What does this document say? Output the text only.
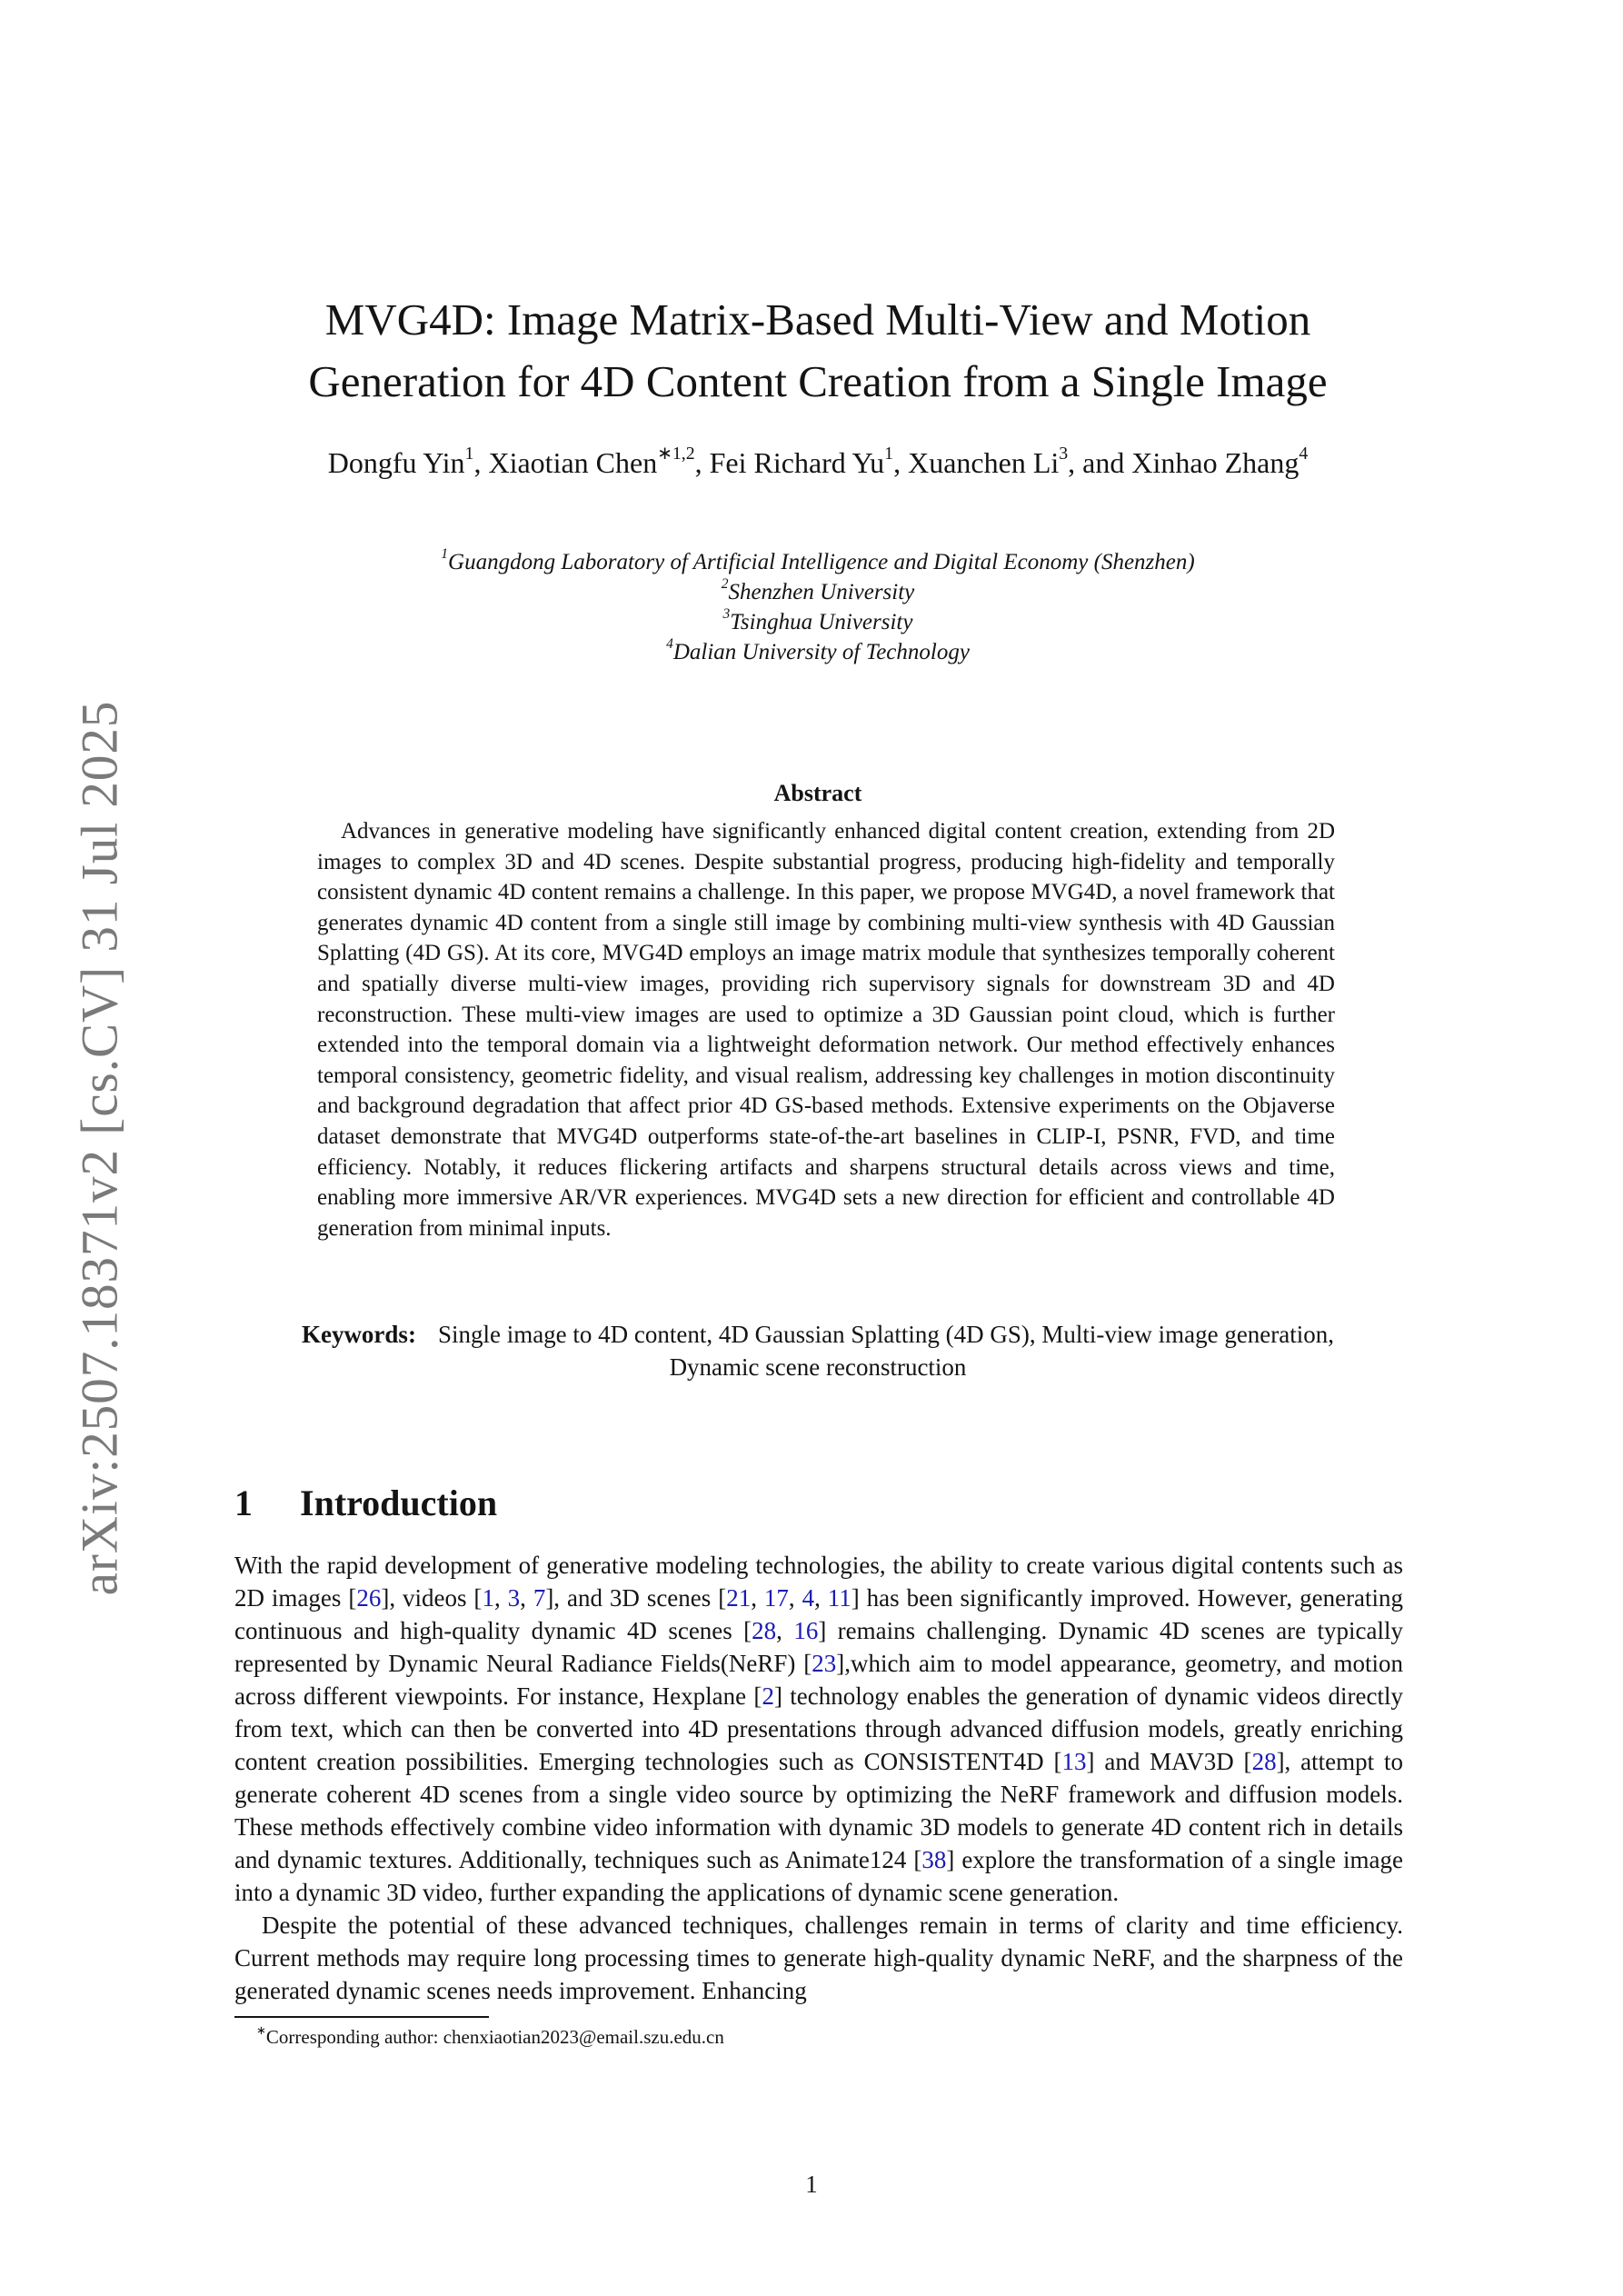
arXiv:2507.18371v2 [cs.CV] 31 Jul 2025
MVG4D: Image Matrix-Based Multi-View and Motion
Generation for 4D Content Creation from a Single Image
Dongfu Yin$^1$, Xiaotian Chen$^{∗1,2}$, Fei Richard Yu$^1$, Xuanchen Li$^3$, and Xinhao Zhang$^4$
$^1$Guangdong Laboratory of Artificial Intelligence and Digital Economy (Shenzhen)
$^2$Shenzhen University
$^3$Tsinghua University
$^4$Dalian University of Technology
Abstract

Advances in generative modeling have significantly enhanced digital content creation, extending from 2D images to complex 3D and 4D scenes. Despite substantial progress, producing high-fidelity and temporally consistent dynamic 4D content remains a challenge. In this paper, we propose MVG4D, a novel framework that generates dynamic 4D content from a single still image by combining multi-view synthesis with 4D Gaussian Splatting (4D GS). At its core, MVG4D employs an image matrix module that synthesizes temporally coherent and spatially diverse multi-view images, providing rich supervisory signals for downstream 3D and 4D reconstruction. These multi-view images are used to optimize a 3D Gaussian point cloud, which is further extended into the temporal domain via a lightweight deformation network. Our method effectively enhances temporal consistency, geometric fidelity, and visual realism, addressing key challenges in motion discontinuity and background degradation that affect prior 4D GS-based methods. Extensive experiments on the Objaverse dataset demonstrate that MVG4D outperforms state-of-the-art baselines in CLIP-I, PSNR, FVD, and time efficiency. Notably, it reduces flickering artifacts and sharpens structural details across views and time, enabling more immersive AR/VR experiences. MVG4D sets a new direction for efficient and controllable 4D generation from minimal inputs.

Keywords: Single image to 4D content, 4D Gaussian Splatting (4D GS), Multi-view image generation, Dynamic scene reconstruction
1 Introduction

With the rapid development of generative modeling technologies, the ability to create various digital contents such as 2D images [26], videos [1, 3, 7], and 3D scenes [21, 17, 4, 11] has been significantly improved. However, generating continuous and high-quality dynamic 4D scenes [28, 16] remains challenging. Dynamic 4D scenes are typically represented by Dynamic Neural Radiance Fields(NeRF) [23],which aim to model appearance, geometry, and motion across different viewpoints. For instance, Hexplane [2] technology enables the generation of dynamic videos directly from text, which can then be converted into 4D presentations through advanced diffusion models, greatly enriching content creation possibilities. Emerging technologies such as CONSISTENT4D [13] and MAV3D [28], attempt to generate coherent 4D scenes from a single video source by optimizing the NeRF framework and diffusion models. These methods effectively combine video information with dynamic 3D models to generate 4D content rich in details and dynamic textures. Additionally, techniques such as Animate124 [38] explore the transformation of a single image into a dynamic 3D video, further expanding the applications of dynamic scene generation.

Despite the potential of these advanced techniques, challenges remain in terms of clarity and time efficiency. Current methods may require long processing times to generate high-quality dynamic NeRF, and the sharpness of the generated dynamic scenes needs improvement. Enhancing

∗Corresponding author: chenxiaotian2023@email.szu.edu.cn
1
